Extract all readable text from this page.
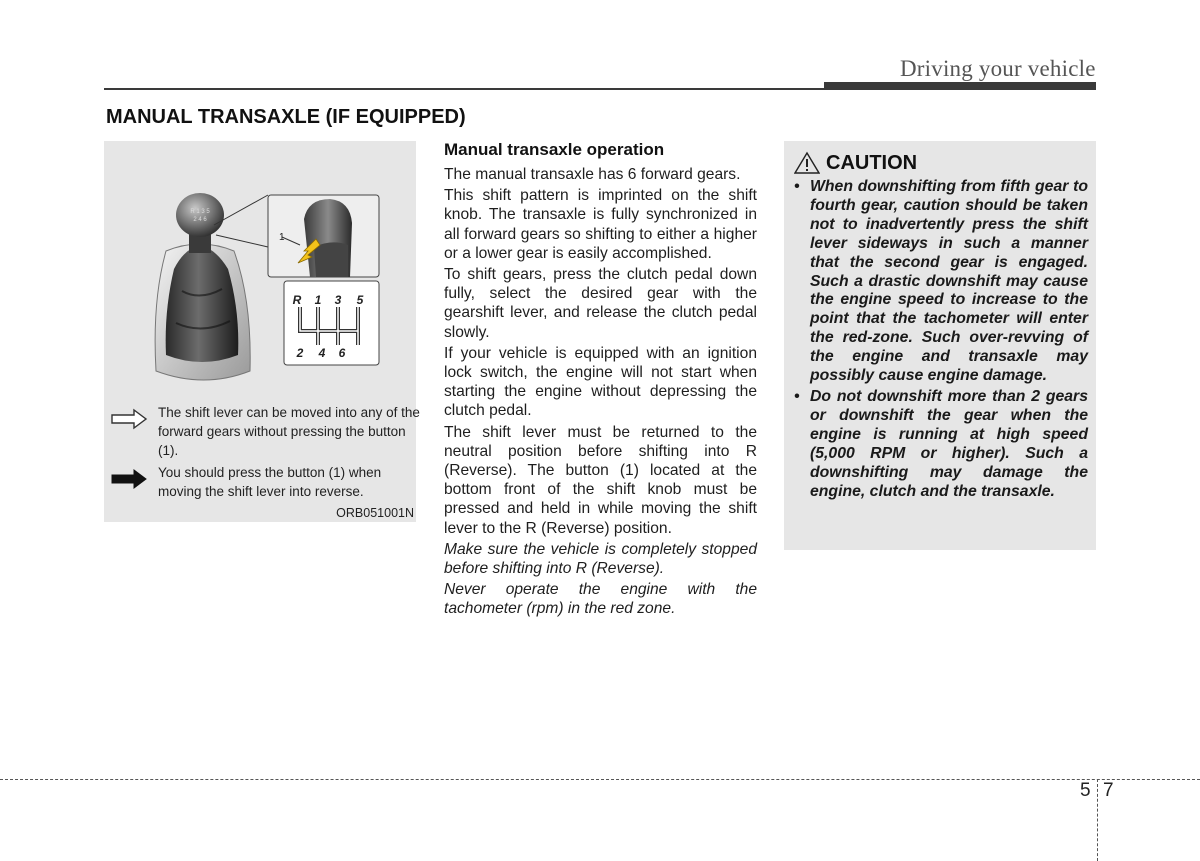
Driving your vehicle
MANUAL TRANSAXLE (IF EQUIPPED)
R 1 3 5
2 4 6
R 1 3 5
2 4 6
1
The shift lever can be moved into any of the forward gears without pressing the button (1).
You should press the button (1) when moving the shift lever into reverse.
ORB051001N
Manual transaxle operation

The manual transaxle has 6 forward gears.

This shift pattern is imprinted on the shift knob. The transaxle is fully synchronized in all forward gears so shifting to either a higher or a lower gear is easily accomplished.

To shift gears, press the clutch pedal down fully, select the desired gear with the gearshift lever, and release the clutch pedal slowly.

If your vehicle is equipped with an ignition lock switch, the engine will not start when starting the engine without depressing the clutch pedal.

The shift lever must be returned to the neutral position before shifting into R (Reverse). The button (1) located at the bottom front of the shift knob must be pressed and held in while moving the shift lever to the R (Reverse) position.

Make sure the vehicle is completely stopped before shifting into R (Reverse).

Never operate the engine with the tachometer (rpm) in the red zone.

CAUTION
• When downshifting from fifth gear to fourth gear, caution should be taken not to inadvertently press the shift lever sideways in such a manner that the second gear is engaged. Such a drastic downshift may cause the engine speed to increase to the point that the tachometer will enter the red-zone. Such over-revving of the engine and transaxle may possibly cause engine damage.
• Do not downshift more than 2 gears or downshift the gear when the engine is running at high speed (5,000 RPM or higher). Such a downshifting may damage the engine, clutch and the transaxle.
5 7
